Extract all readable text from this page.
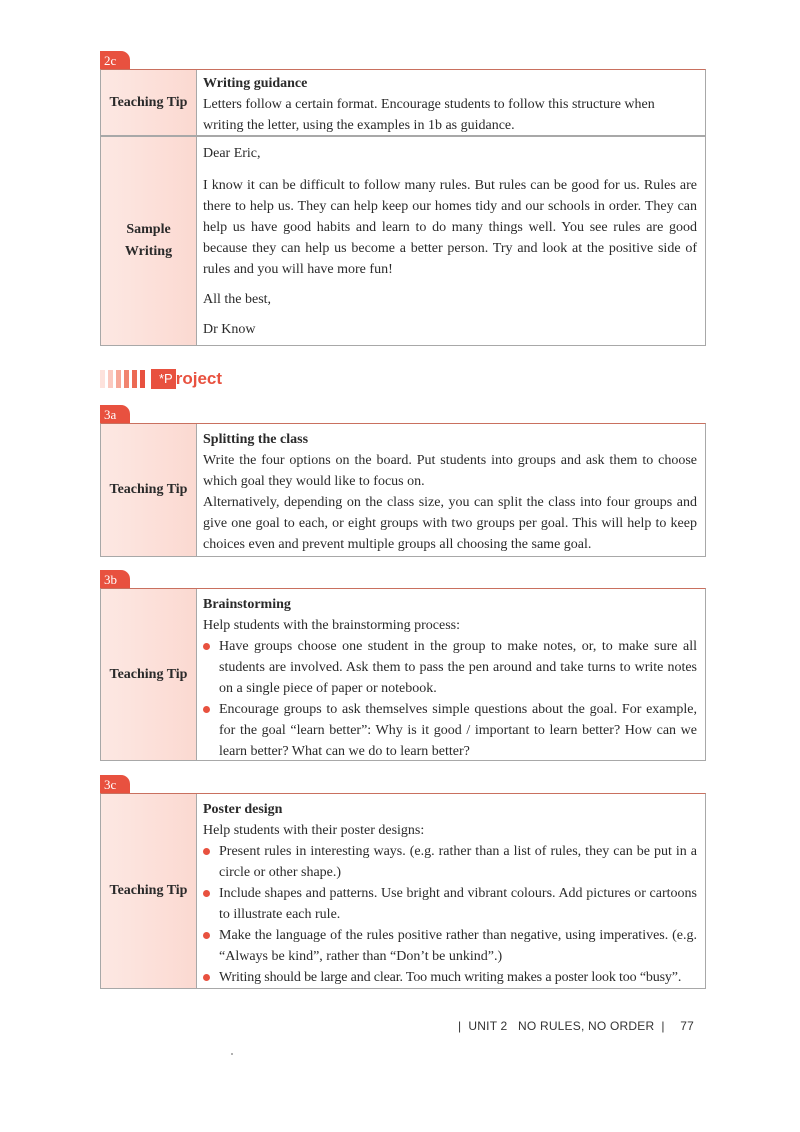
2c
Teaching Tip
Writing guidance
Letters follow a certain format. Encourage students to follow this structure when writing the letter, using the examples in 1b as guidance.
Sample
Writing
Dear Eric,
I know it can be difficult to follow many rules. But rules can be good for us. Rules are there to help us. They can help keep our homes tidy and our schools in order. They can help us have good habits and learn to do many things well. You see rules are good because they can help us become a better person. Try and look at the positive side of rules and you will have more fun!
All the best,
Dr Know
*P roject
3a
Teaching Tip
Splitting the class
Write the four options on the board. Put students into groups and ask them to choose which goal they would like to focus on.
Alternatively, depending on the class size, you can split the class into four groups and give one goal to each, or eight groups with two groups per goal. This will help to keep choices even and prevent multiple groups all choosing the same goal.
3b
Teaching Tip
Brainstorming
Help students with the brainstorming process:
Have groups choose one student in the group to make notes, or, to make sure all students are involved. Ask them to pass the pen around and take turns to write notes on a single piece of paper or notebook.
Encourage groups to ask themselves simple questions about the goal. For example, for the goal “learn better”: Why is it good / important to learn better? How can we learn better? What can we do to learn better?
3c
Teaching Tip
Poster design
Help students with their poster designs:
Present rules in interesting ways. (e.g. rather than a list of rules, they can be put in a circle or other shape.)
Include shapes and patterns. Use bright and vibrant colours. Add pictures or cartoons to illustrate each rule.
Make the language of the rules positive rather than negative, using imperatives. (e.g. “Always be kind”, rather than “Don’t be unkind”.)
Writing should be large and clear. Too much writing makes a poster look too “busy”.
|  UNIT 2   NO RULES, NO ORDER  | 77
